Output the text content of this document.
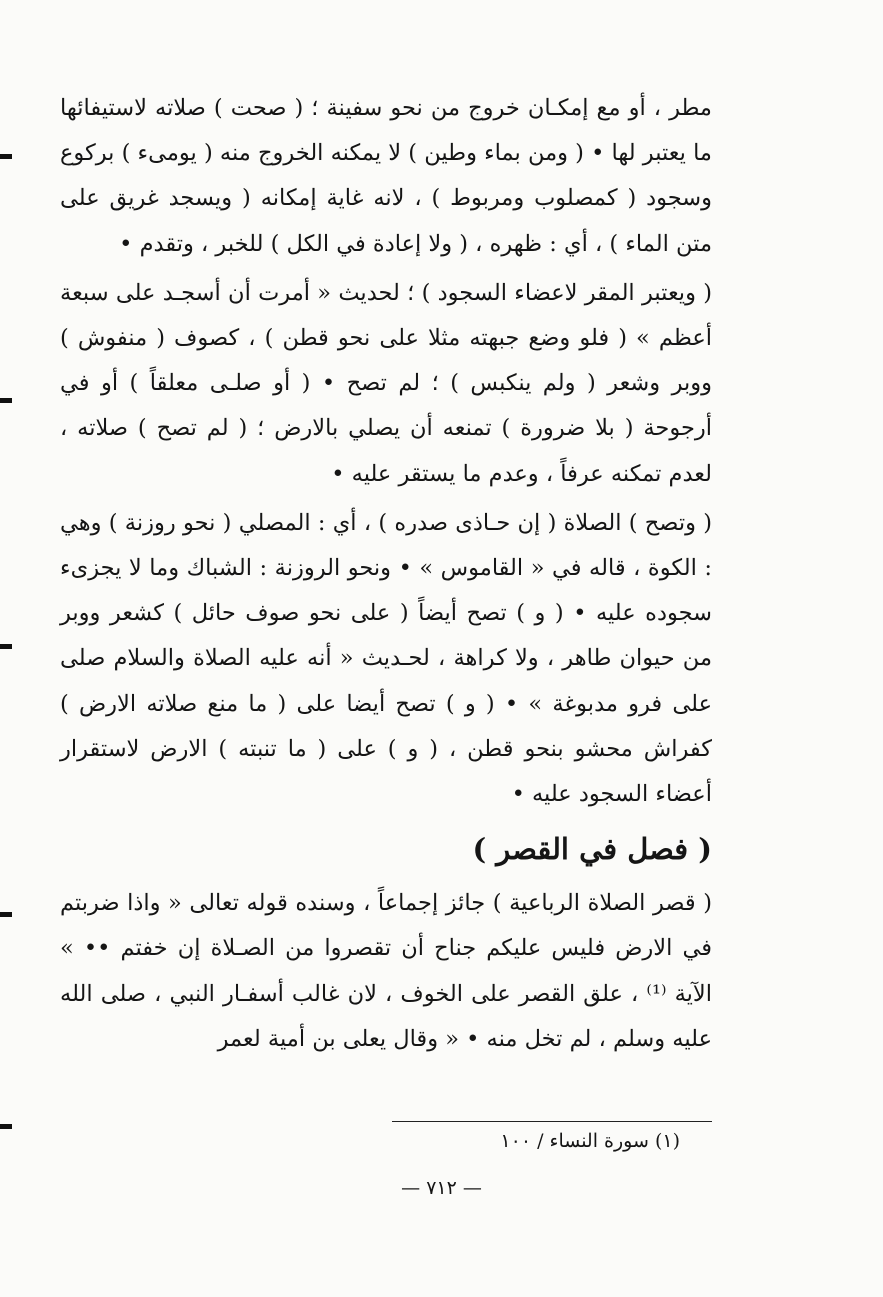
مطر ، أو مع إمكـان خروج من نحو سفينة ؛ ( صحت ) صلاته لاستيفائها ما يعتبر لها • ( ومن بماء وطين ) لا يمكنه الخروج منه ( يومىء ) بركوع وسجود ( كمصلوب ومربوط ) ، لانه غاية إمكانه ( ويسجد غريق على متن الماء ) ، أي : ظهره ، ( ولا إعادة في الكل ) للخبر ، وتقدم •

( ويعتبر المقر لاعضاء السجود ) ؛ لحديث « أمرت أن أسجـد على سبعة أعظم » ( فلو وضع جبهته مثلا على نحو قطن ) ، كصوف ( منفوش ) ووبر وشعر ( ولم ينكبس ) ؛ لم تصح • ( أو صلـى معلقاً ) أو في أرجوحة ( بلا ضرورة ) تمنعه أن يصلي بالارض ؛ ( لم تصح ) صلاته ، لعدم تمكنه عرفاً ، وعدم ما يستقر عليه •

( وتصح ) الصلاة ( إن حـاذى صدره ) ، أي : المصلي ( نحو روزنة ) وهي : الكوة ، قاله في « القاموس » • ونحو الروزنة : الشباك وما لا يجزىء سجوده عليه • ( و ) تصح أيضاً ( على نحو صوف حائل ) كشعر ووبر من حيوان طاهر ، ولا كراهة ، لحـديث « أنه عليه الصلاة والسلام صلى على فرو مدبوغة » • ( و ) تصح أيضا على ( ما منع صلاته الارض ) كفراش محشو بنحو قطن ، ( و ) على ( ما تنبته ) الارض لاستقرار أعضاء السجود عليه •

( فصل في القصر )

( قصر الصلاة الرباعية ) جائز إجماعاً ، وسنده قوله تعالى « واذا ضربتم في الارض فليس عليكم جناح أن تقصروا من الصـلاة إن خفتم •• » الآية ⁽¹⁾ ، علق القصر على الخوف ، لان غالب أسفـار النبي ، صلى الله عليه وسلم ، لم تخل منه • « وقال يعلى بن أمية لعمر

(١) سورة النساء / ١٠٠
— ٧١٢ —
